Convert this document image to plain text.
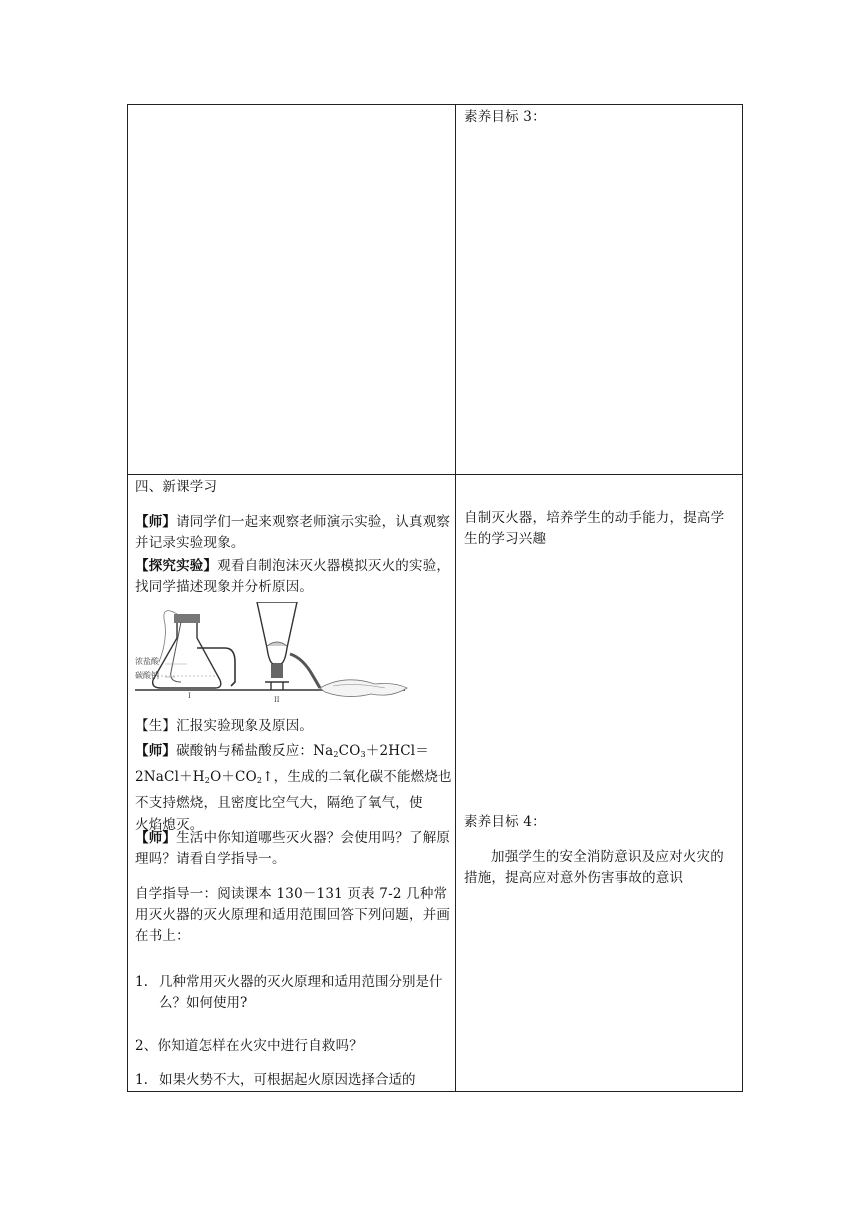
素养目标 3：
自制灭火器，培养学生的动手能力，提高学生的学习兴趣
素养目标 4：
加强学生的安全消防意识及应对火灾的措施，提高应对意外伤害事故的意识
四、新课学习
【师】请同学们一起来观察老师演示实验，认真观察并记录实验现象。
【探究实验】观看自制泡沫灭火器模拟灭火的实验，找同学描述现象并分析原因。
浓盐酸
碳酸钠
I	II
【生】汇报实验现象及原因。
【师】碳酸钠与稀盐酸反应：$Na_2CO_3+2HCl=$
$2NaCl+H_2O+CO_2↑$，生成的二氧化碳不能燃烧也
不支持燃烧，且密度比空气大，隔绝了氧气，使
火焰熄灭。
【师】生活中你知道哪些灭火器？会使用吗？了解原理吗？请看自学指导一。
自学指导一：阅读课本 130－131 页表 7-2 几种常用灭火器的灭火原理和适用范围回答下列问题，并画在书上：
1. 几种常用灭火器的灭火原理和适用范围分别是什么？如何使用?
2、你知道怎样在火灾中进行自救吗？
1. 如果火势不大，可根据起火原因选择合适的
